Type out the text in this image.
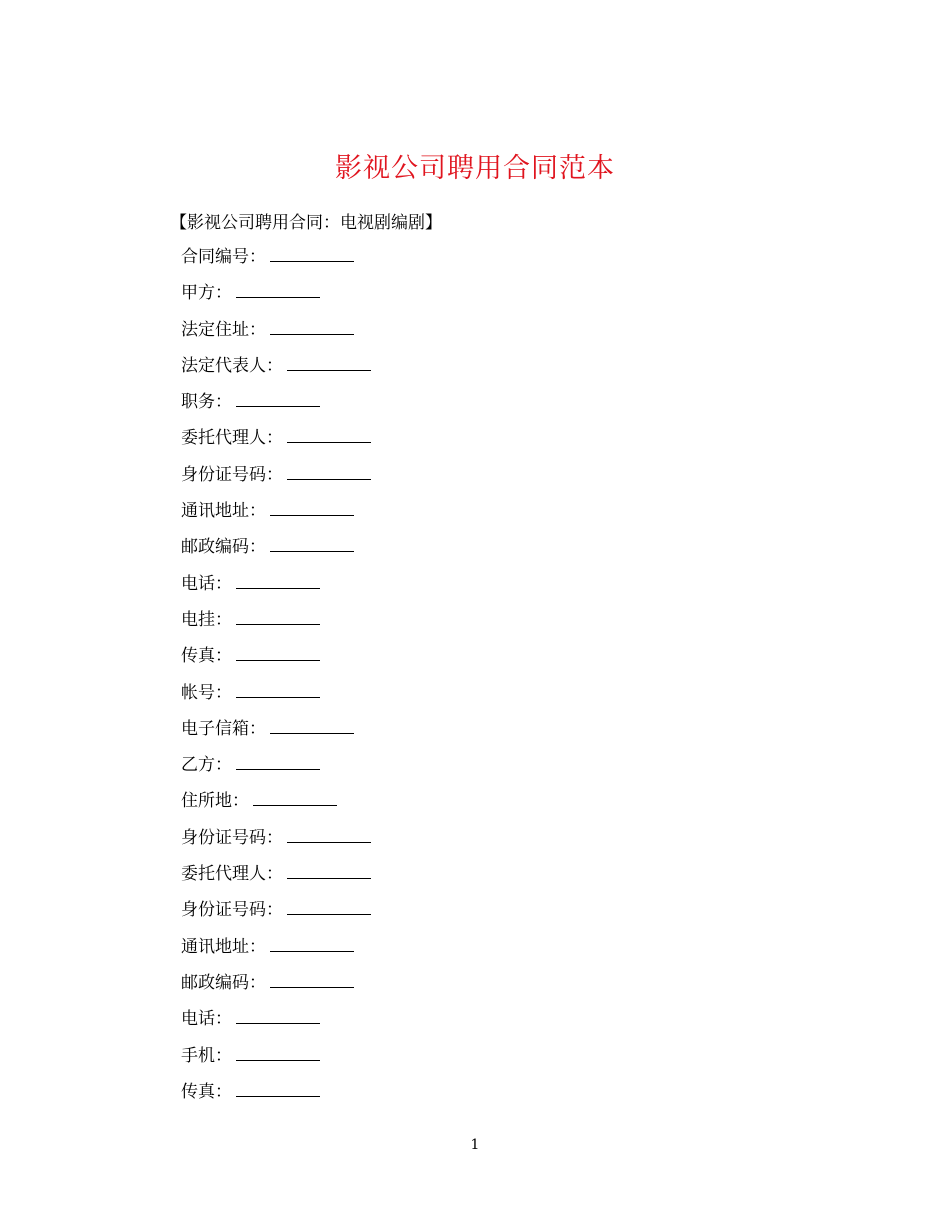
影视公司聘用合同范本
【影视公司聘用合同：电视剧编剧】
合同编号：
甲方：
法定住址：
法定代表人：
职务：
委托代理人：
身份证号码：
通讯地址：
邮政编码：
电话：
电挂：
传真：
帐号：
电子信箱：
乙方：
住所地：
身份证号码：
委托代理人：
身份证号码：
通讯地址：
邮政编码：
电话：
手机：
传真：
1
